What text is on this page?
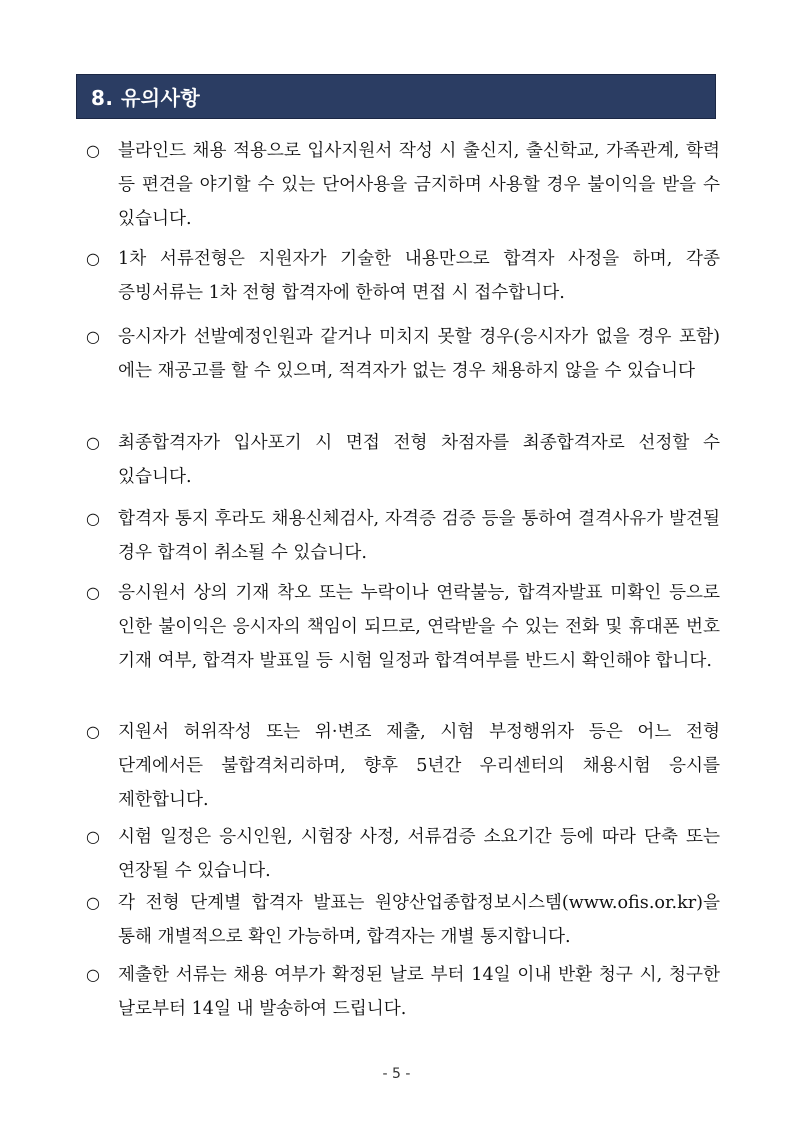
8. 유의사항
○	블라인드 채용 적용으로 입사지원서 작성 시 출신지, 출신학교, 가족관계, 학력 등 편견을 야기할 수 있는 단어사용을 금지하며 사용할 경우 불이익을 받을 수 있습니다.
○	1차 서류전형은 지원자가 기술한 내용만으로 합격자 사정을 하며, 각종 증빙서류는 1차 전형 합격자에 한하여 면접 시 접수합니다.
○	응시자가 선발예정인원과 같거나 미치지 못할 경우(응시자가 없을 경우 포함)에는 재공고를 할 수 있으며, 적격자가 없는 경우 채용하지 않을 수 있습니다
○	최종합격자가 입사포기 시 면접 전형 차점자를 최종합격자로 선정할 수 있습니다.
○	합격자 통지 후라도 채용신체검사, 자격증 검증 등을 통하여 결격사유가 발견될 경우 합격이 취소될 수 있습니다.
○	응시원서 상의 기재 착오 또는 누락이나 연락불능, 합격자발표 미확인 등으로 인한 불이익은 응시자의 책임이 되므로, 연락받을 수 있는 전화 및 휴대폰 번호 기재 여부, 합격자 발표일 등 시험 일정과 합격여부를 반드시 확인해야 합니다.
○	지원서 허위작성 또는 위·변조 제출, 시험 부정행위자 등은 어느 전형 단계에서든 불합격처리하며, 향후 5년간 우리센터의 채용시험 응시를 제한합니다.
○	시험 일정은 응시인원, 시험장 사정, 서류검증 소요기간 등에 따라 단축 또는 연장될 수 있습니다.
○	각 전형 단계별 합격자 발표는 원양산업종합정보시스템(www.ofis.or.kr)을 통해 개별적으로 확인 가능하며, 합격자는 개별 통지합니다.
○	제출한 서류는 채용 여부가 확정된 날로 부터 14일 이내 반환 청구 시, 청구한 날로부터 14일 내 발송하여 드립니다.
- 5 -
